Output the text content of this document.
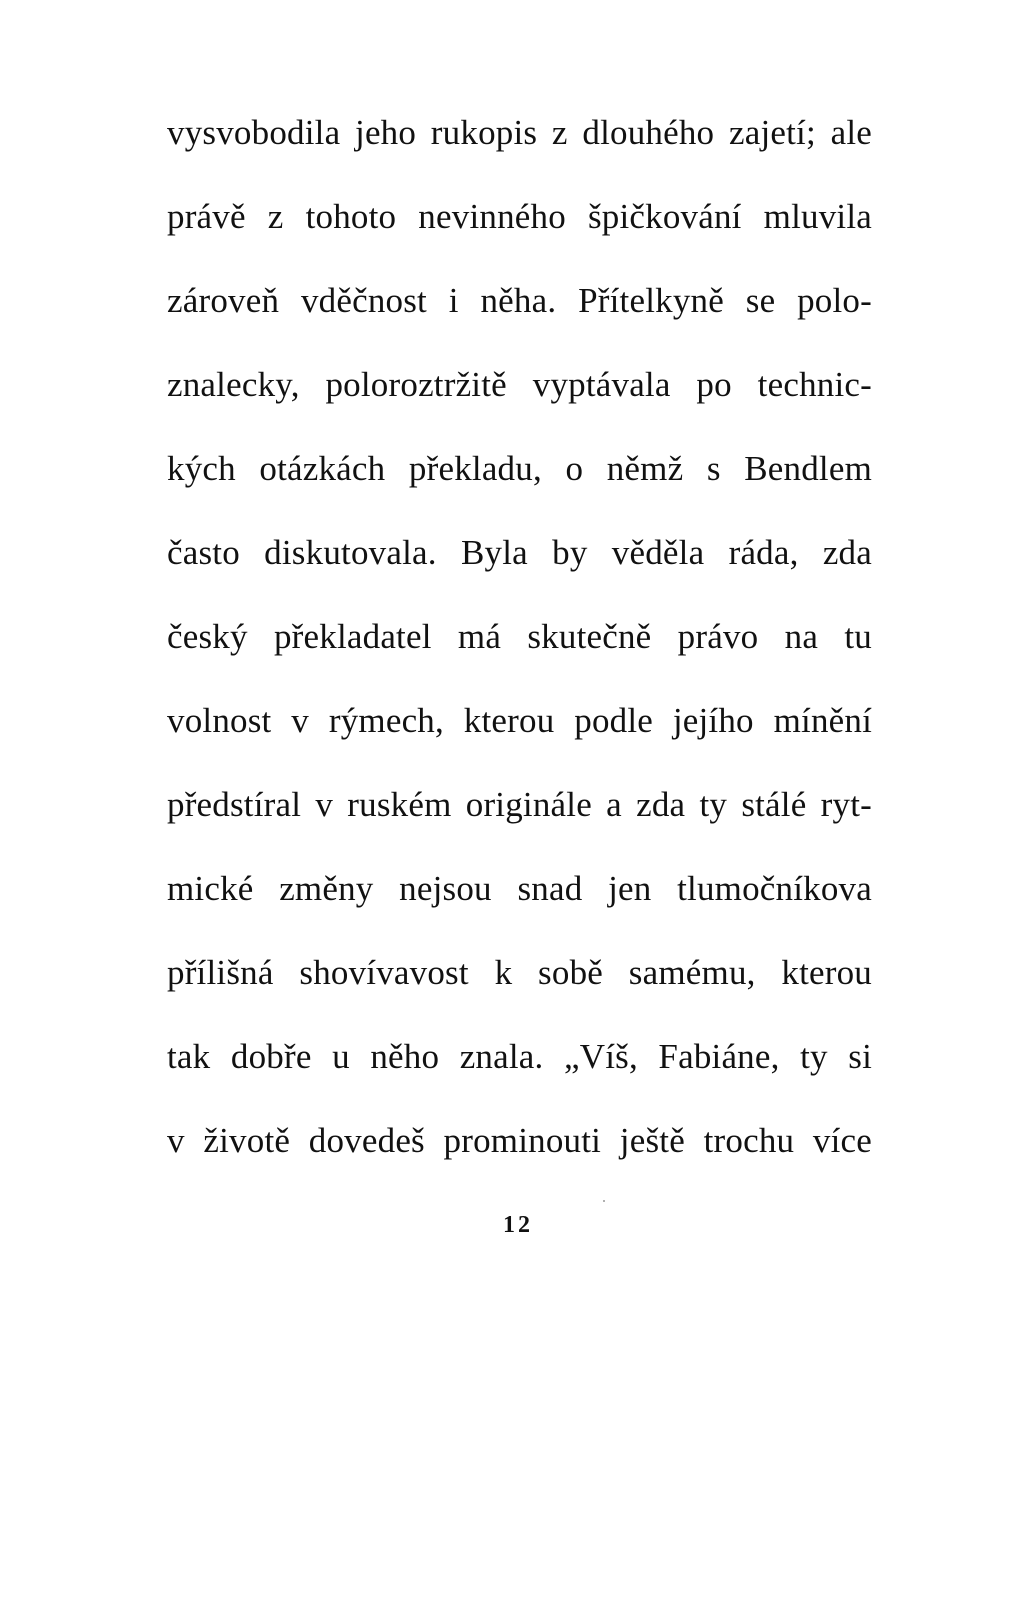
vysvobodila jeho rukopis z dlouhého zajetí; ale
právě z tohoto nevinného špičkování mluvila
zároveň vděčnost i něha. Přítelkyně se polo-
znalecky, poloroztržitě vyptávala po technic-
kých otázkách překladu, o němž s Bendlem
často diskutovala. Byla by věděla ráda, zda
český překladatel má skutečně právo na tu
volnost v rýmech, kterou podle jejího mínění
předstíral v ruském originále a zda ty stálé ryt-
mické změny nejsou snad jen tlumočníkova
přílišná shovívavost k sobě samému, kterou
tak dobře u něho znala. „Víš, Fabiáne, ty si
v životě dovedeš prominouti ještě trochu více
12
